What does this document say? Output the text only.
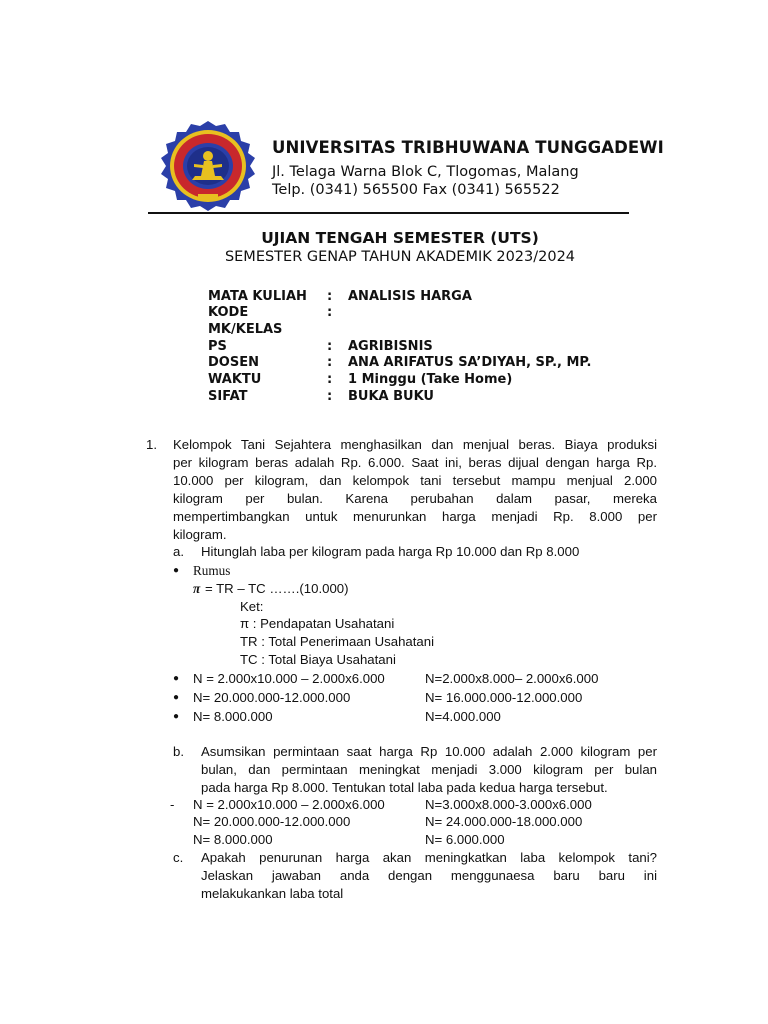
UNIVERSITAS TRIBHUWANA TUNGGADEWI
Jl. Telaga Warna Blok C, Tlogomas, Malang
Telp. (0341) 565500 Fax (0341) 565522
UJIAN TENGAH SEMESTER (UTS)
SEMESTER GENAP TAHUN AKADEMIK 2023/2024
MATA KULIAH : ANALISIS HARGA
KODE	:
MK/KELAS
PS	: AGRIBISNIS
DOSEN	: ANA ARIFATUS SA’DIYAH, SP., MP.
WAKTU	: 1 Minggu (Take Home)
SIFAT	: BUKA BUKU
1. Kelompok Tani Sejahtera menghasilkan dan menjual beras. Biaya produksi
per kilogram beras adalah Rp. 6.000. Saat ini, beras dijual dengan harga Rp.
10.000 per kilogram, dan kelompok tani tersebut mampu menjual 2.000
kilogram per bulan. Karena perubahan dalam pasar, mereka
mempertimbangkan untuk menurunkan harga menjadi Rp. 8.000 per
kilogram.
a. Hitunglah laba per kilogram pada harga Rp 10.000 dan Rp 8.000
● Rumus
π = TR – TC …….(10.000)
Ket:
π : Pendapatan Usahatani
TR : Total Penerimaan Usahatani
TC : Total Biaya Usahatani
● N = 2.000x10.000 – 2.000x6.000	N=2.000x8.000– 2.000x6.000
● N= 20.000.000-12.000.000	N= 16.000.000-12.000.000
● N= 8.000.000	N=4.000.000
b. Asumsikan permintaan saat harga Rp 10.000 adalah 2.000 kilogram per
bulan, dan permintaan meningkat menjadi 3.000 kilogram per bulan
pada harga Rp 8.000. Tentukan total laba pada kedua harga tersebut.
- N = 2.000x10.000 – 2.000x6.000	N=3.000x8.000-3.000x6.000
N= 20.000.000-12.000.000	N= 24.000.000-18.000.000
N= 8.000.000	N= 6.000.000
c. Apakah penurunan harga akan meningkatkan laba kelompok tani?
Jelaskan jawaban anda dengan menggunaesa baru baru ini
melakukankan laba total
